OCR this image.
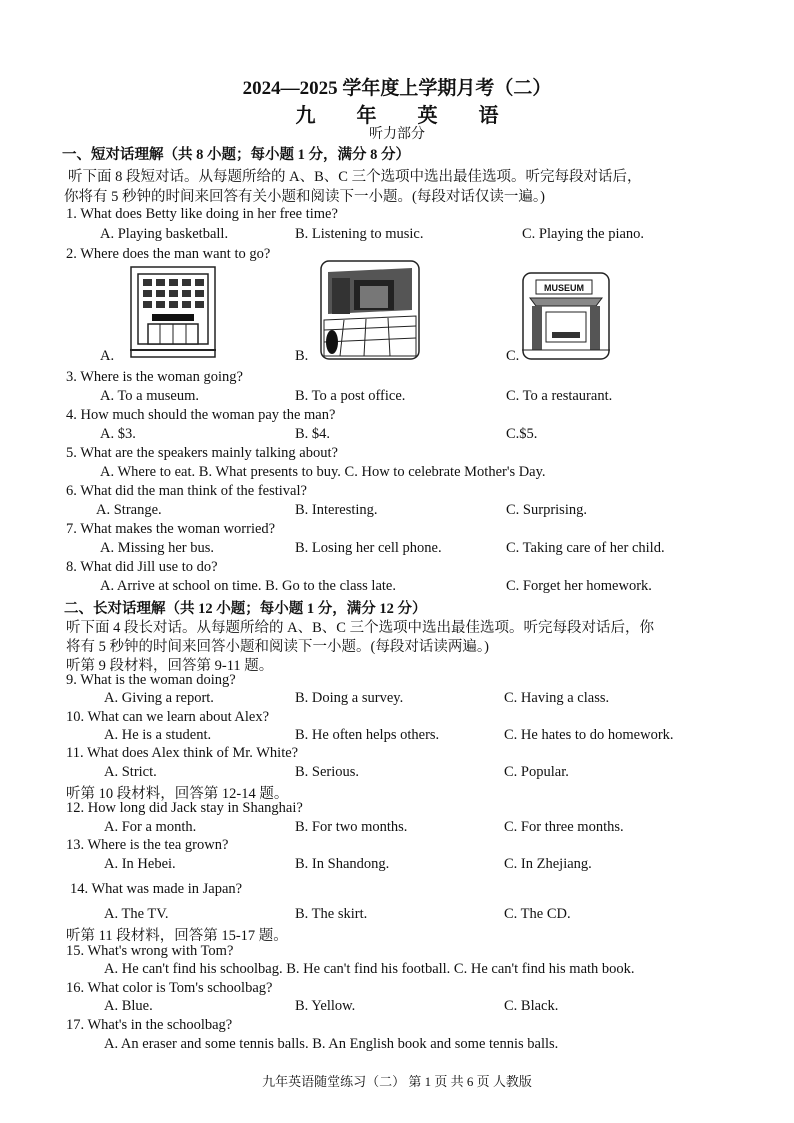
2024—2025 学年度上学期月考（二）
九 年 英 语
听力部分
一、短对话理解（共 8 小题；每小题 1 分，满分 8 分）
听下面 8 段短对话。从每题所给的 A、B、C 三个选项中选出最佳选项。听完每段对话后，
你将有 5 秒钟的时间来回答有关小题和阅读下一小题。(每段对话仅读一遍。)
1. What does Betty like doing in her free time?
A. Playing basketball.	B. Listening to music.	C. Playing the piano.
2. Where does the man want to go?
MUSEUM
A.	B.	C.
3. Where is the woman going?
A. To a museum.	B. To a post office.	C. To a restaurant.
4. How much should the woman pay the man?
A. $3.	B. $4.	C.$5.
5. What are the speakers mainly talking about?
A. Where to eat. B. What presents to buy. C. How to celebrate Mother's Day.
6. What did the man think of the festival?
A. Strange.	B. Interesting.	C. Surprising.
7. What makes the woman worried?
A. Missing her bus.	B. Losing her cell phone.	C. Taking care of her child.
8. What did Jill use to do?
A. Arrive at school on time. B. Go to the class late.	C. Forget her homework.
二、长对话理解（共 12 小题；每小题 1 分，满分 12 分）
听下面 4 段长对话。从每题所给的 A、B、C 三个选项中选出最佳选项。听完每段对话后，你
将有 5 秒钟的时间来回答小题和阅读下一小题。(每段对话读两遍。)
听第 9 段材料，回答第 9-11 题。
9. What is the woman doing?
A. Giving a report.	B. Doing a survey.	C. Having a class.
10. What can we learn about Alex?
A. He is a student.	B. He often helps others.	C. He hates to do homework.
11. What does Alex think of Mr. White?
A. Strict.	B. Serious.	C. Popular.
听第 10 段材料，回答第 12-14 题。
12. How long did Jack stay in Shanghai?
A. For a month.	B. For two months.	C. For three months.
13. Where is the tea grown?
A. In Hebei.	B. In Shandong.	C. In Zhejiang.
14. What was made in Japan?
A. The TV.	B. The skirt.	C. The CD.
听第 11 段材料，回答第 15-17 题。
15. What's wrong with Tom?
A. He can't find his schoolbag. B. He can't find his football. C. He can't find his math book.
16. What color is Tom's schoolbag?
A. Blue.	B. Yellow.	C. Black.
17. What's in the schoolbag?
A. An eraser and some tennis balls. B. An English book and some tennis balls.
九年英语随堂练习（二） 第 1 页 共 6 页 人教版
